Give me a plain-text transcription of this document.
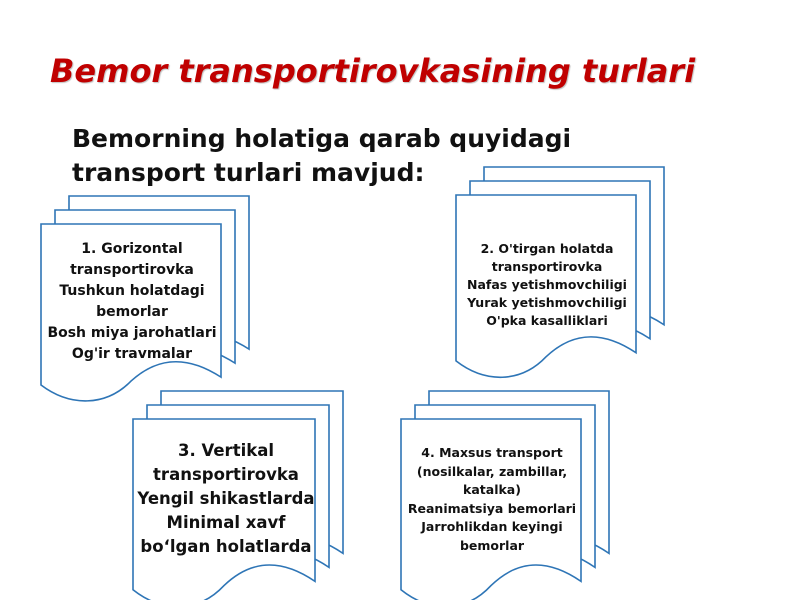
Bemor transportirovkasining turlari
Bemorning holatiga qarab quyidagi transport turlari mavjud:
1. Gorizontal
transportirovka
Tushkun holatdagi
bemorlar
Bosh miya jarohatlari
Og'ir travmalar
2. O'tirgan holatda
transportirovka
Nafas yetishmovchiligi
Yurak yetishmovchiligi
O'pka kasalliklari
3. Vertikal
transportirovka
Yengil shikastlarda
Minimal xavf
bo‘lgan holatlarda
4. Maxsus transport
(nosilkalar, zambillar,
katalka)
Reanimatsiya bemorlari
Jarrohlikdan keyingi
bemorlar
